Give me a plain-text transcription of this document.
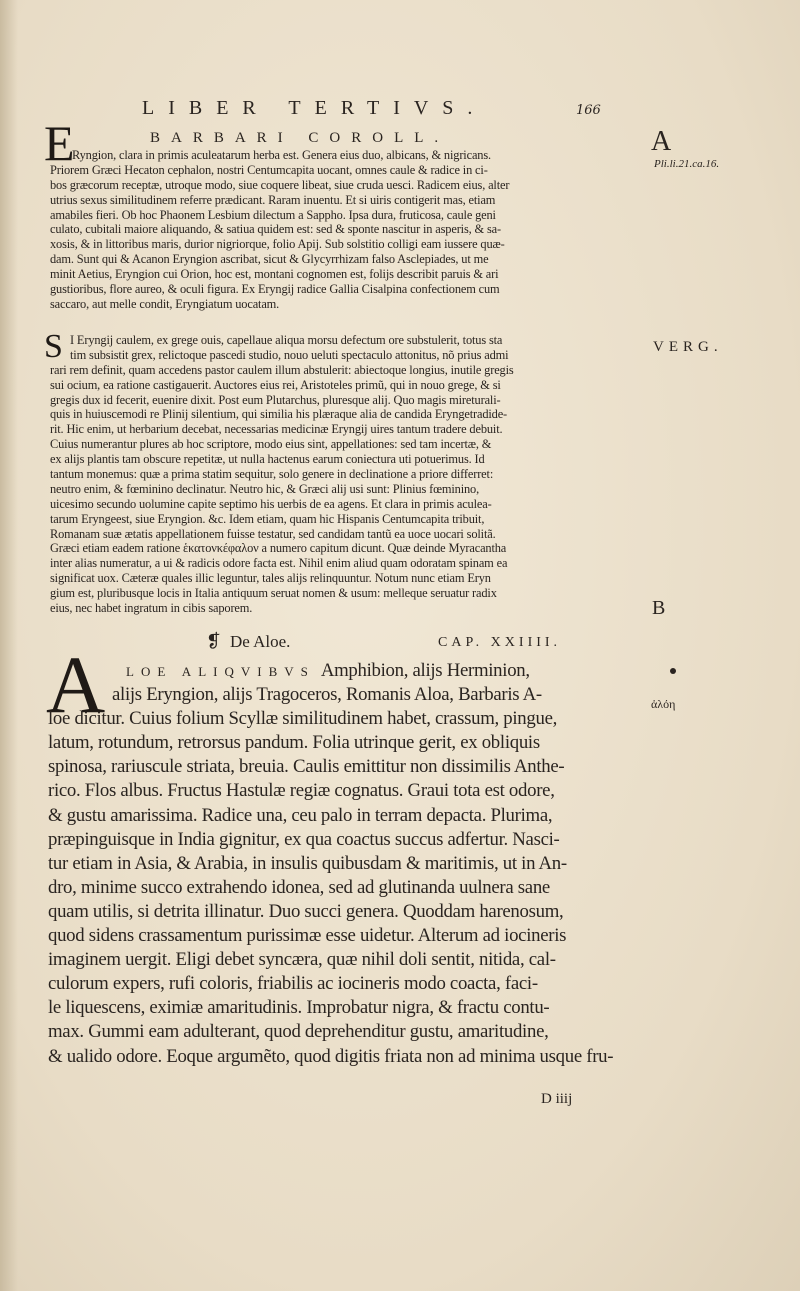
LIBER TERTIVS.	166
A
Pli.li.21.ca.16.
VERG.
B
ἀλόη
E	BARBARI COROLL.
Ryngion, clara in primis aculeatarum herba est. Genera eius duo, albicans, & nigricans.
Priorem Græci Hecaton cephalon, nostri Centumcapita uocant, omnes caule & radice in ci-
bos græcorum receptæ, utroque modo, siue coquere libeat, siue cruda uesci. Radicem eius, alter
utrius sexus similitudinem referre prædicant. Raram inuentu. Et si uiris contigerit mas, etiam
amabiles fieri. Ob hoc Phaonem Lesbium dilectum a Sappho. Ipsa dura, fruticosa, caule geni
culato, cubitali maiore aliquando, & satiua quidem est: sed & sponte nascitur in asperis, & sa-
xosis, & in littoribus maris, durior nigriorque, folio Apij. Sub solstitio colligi eam iussere quæ-
dam. Sunt qui & Acanon Eryngion ascribat, sicut & Glycyrrhizam falso Asclepiades, ut me
minit Aetius, Eryngion cui Orion, hoc est, montani cognomen est, folijs describit paruis & ari
gustioribus, flore aureo, & oculi figura. Ex Eryngij radice Gallia Cisalpina confectionem cum
saccaro, aut melle condit, Eryngiatum uocatam.
S I Eryngij caulem, ex grege ouis, capellaue aliqua morsu defectum ore substulerit, totus sta
tim subsistit grex, relictoque pascedi studio, nouo ueluti spectaculo attonitus, nõ prius admi
rari rem definit, quam accedens pastor caulem illum abstulerit: abiectoque longius, inutile gregis
sui ocium, ea ratione castigauerit. Auctores eius rei, Aristoteles primũ, qui in nouo grege, & si
gregis dux id fecerit, euenire dixit. Post eum Plutarchus, pluresque alij. Quo magis mireturali-
quis in huiuscemodi re Plinij silentium, qui similia his plæraque alia de candida Eryngetradide-
rit. Hic enim, ut herbarium decebat, necessarias medicinæ Eryngij uires tantum tradere debuit.
Cuius numerantur plures ab hoc scriptore, modo eius sint, appellationes: sed tam incertæ, &
ex alijs plantis tam obscure repetitæ, ut nulla hactenus earum coniectura uti potuerimus. Id
tantum monemus: quæ a prima statim sequitur, solo genere in declinatione a priore differret:
neutro enim, & fœminino declinatur. Neutro hic, & Græci alij usi sunt: Plinius fœminino,
uicesimo secundo uolumine capite septimo his uerbis de ea agens. Et clara in primis aculea-
tarum Eryngeest, siue Eryngion. &c. Idem etiam, quam hic Hispanis Centumcapita tribuit,
Romanam suæ ætatis appellationem fuisse testatur, sed candidam tantũ ea uoce uocari solitã.
Græci etiam eadem ratione ἑκατονκέφαλον a numero capitum dicunt. Quæ deinde Myracantha
inter alias numeratur, a ui & radicis odore facta est. Nihil enim aliud quam odoratam spinam ea
significat uox. Cæteræ quales illic leguntur, tales alijs relinquuntur. Notum nunc etiam Eryn
gium est, pluribusque locis in Italia antiquum seruat nomen & usum: melleque seruatur radix
eius, nec habet ingratum in cibis saporem.
❡ De Aloe.	CAP. XXIIII.
A	LOE ALIQVIBVS Amphibion, alijs Herminion,
alijs Eryngion, alijs Tragoceros, Romanis Aloa, Barbaris A-
loe dicitur. Cuius folium Scyllæ similitudinem habet, crassum, pingue,
latum, rotundum, retrorsus pandum. Folia utrinque gerit, ex obliquis
spinosa, rariuscule striata, breuia. Caulis emittitur non dissimilis Anthe-
rico. Flos albus. Fructus Hastulæ regiæ cognatus. Graui tota est odore,
& gustu amarissima. Radice una, ceu palo in terram depacta. Plurima,
præpinguisque in India gignitur, ex qua coactus succus adfertur. Nasci-
tur etiam in Asia, & Arabia, in insulis quibusdam & maritimis, ut in An-
dro, minime succo extrahendo idonea, sed ad glutinanda uulnera sane
quam utilis, si detrita illinatur. Duo succi genera. Quoddam harenosum,
quod sidens crassamentum purissimæ esse uidetur. Alterum ad iocineris
imaginem uergit. Eligi debet syncæra, quæ nihil doli sentit, nitida, cal-
culorum expers, rufi coloris, friabilis ac iocineris modo coacta, faci-
le liquescens, eximiæ amaritudinis. Improbatur nigra, & fractu contu-
max. Gummi eam adulterant, quod deprehenditur gustu, amaritudine,
& ualido odore. Eoque argumẽto, quod digitis friata non ad minima usque fru-
D iiij
